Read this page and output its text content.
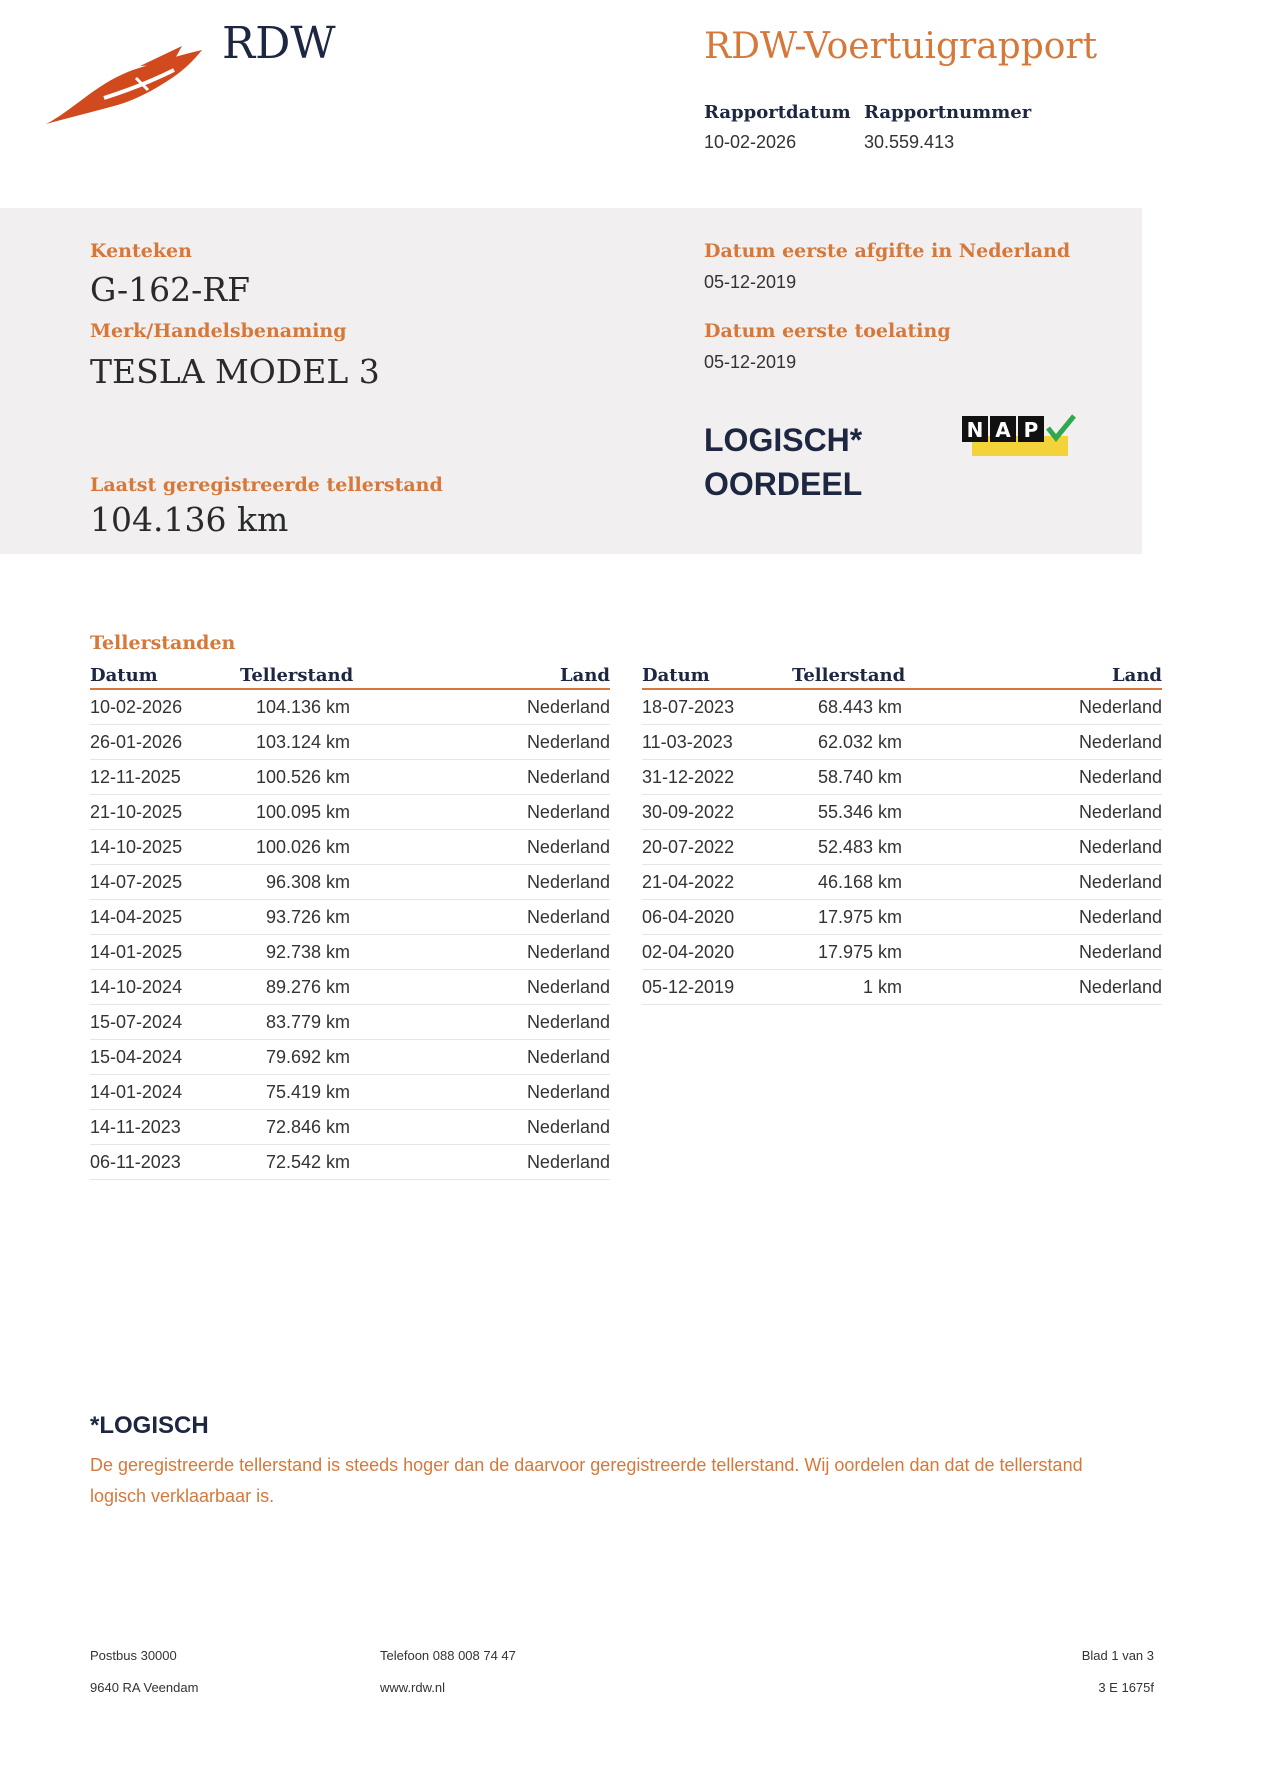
RDW	RDW-Voertuigrapport
Rapportdatum
10-02-2026
Rapportnummer
30.559.413
Kenteken
G-162-RF
Merk/Handelsbenaming
TESLA MODEL 3
Laatst geregistreerde tellerstand
104.136 km
Datum eerste afgifte in Nederland
05-12-2019
Datum eerste toelating
05-12-2019
LOGISCH*
OORDEEL
N A P
Tellerstanden
Datum	Tellerstand	Land
10-02-2026	104.136 km	Nederland
26-01-2026	103.124 km	Nederland
12-11-2025	100.526 km	Nederland
21-10-2025	100.095 km	Nederland
14-10-2025	100.026 km	Nederland
14-07-2025	96.308 km	Nederland
14-04-2025	93.726 km	Nederland
14-01-2025	92.738 km	Nederland
14-10-2024	89.276 km	Nederland
15-07-2024	83.779 km	Nederland
15-04-2024	79.692 km	Nederland
14-01-2024	75.419 km	Nederland
14-11-2023	72.846 km	Nederland
06-11-2023	72.542 km	Nederland
Datum	Tellerstand	Land
18-07-2023	68.443 km	Nederland
11-03-2023	62.032 km	Nederland
31-12-2022	58.740 km	Nederland
30-09-2022	55.346 km	Nederland
20-07-2022	52.483 km	Nederland
21-04-2022	46.168 km	Nederland
06-04-2020	17.975 km	Nederland
02-04-2020	17.975 km	Nederland
05-12-2019	1 km	Nederland
*LOGISCH
De geregistreerde tellerstand is steeds hoger dan de daarvoor geregistreerde tellerstand. Wij oordelen dan dat de tellerstand logisch verklaarbaar is.
Postbus 30000
9640 RA Veendam
Telefoon 088 008 74 47
www.rdw.nl
Blad 1 van 3
3 E 1675f
